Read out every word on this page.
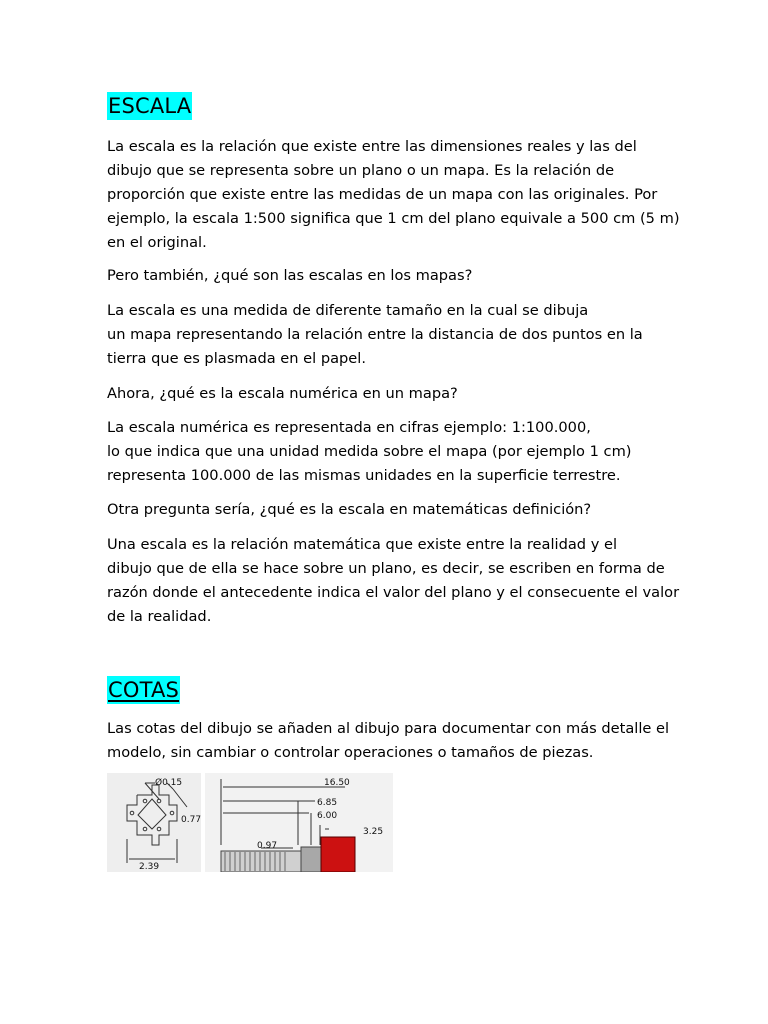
ESCALA

La escala es la relación que existe entre las dimensiones reales y las del
dibujo que se representa sobre un plano o un mapa. Es la relación de
proporción que existe entre las medidas de un mapa con las originales. Por
ejemplo, la escala 1:500 significa que 1 cm del plano equivale a 500 cm (5 m)
en el original.

Pero también, ¿qué son las escalas en los mapas?

La escala es una medida de diferente tamaño en la cual se dibuja
un mapa representando la relación entre la distancia de dos puntos en la
tierra que es plasmada en el papel.

Ahora, ¿qué es la escala numérica en un mapa?

La escala numérica es representada en cifras ejemplo: 1:100.000,
lo que indica que una unidad medida sobre el mapa (por ejemplo 1 cm)
representa 100.000 de las mismas unidades en la superficie terrestre.

Otra pregunta sería, ¿qué es la escala en matemáticas definición?

Una escala es la relación matemática que existe entre la realidad y el
dibujo que de ella se hace sobre un plano, es decir, se escriben en forma de
razón donde el antecedente indica el valor del plano y el consecuente el valor
de la realidad.

COTAS

Las cotas del dibujo se añaden al dibujo para documentar con más detalle el
modelo, sin cambiar o controlar operaciones o tamaños de piezas.

Ø0.15
0.77
2.39
16.50
6.85
6.00
3.25
0.97
